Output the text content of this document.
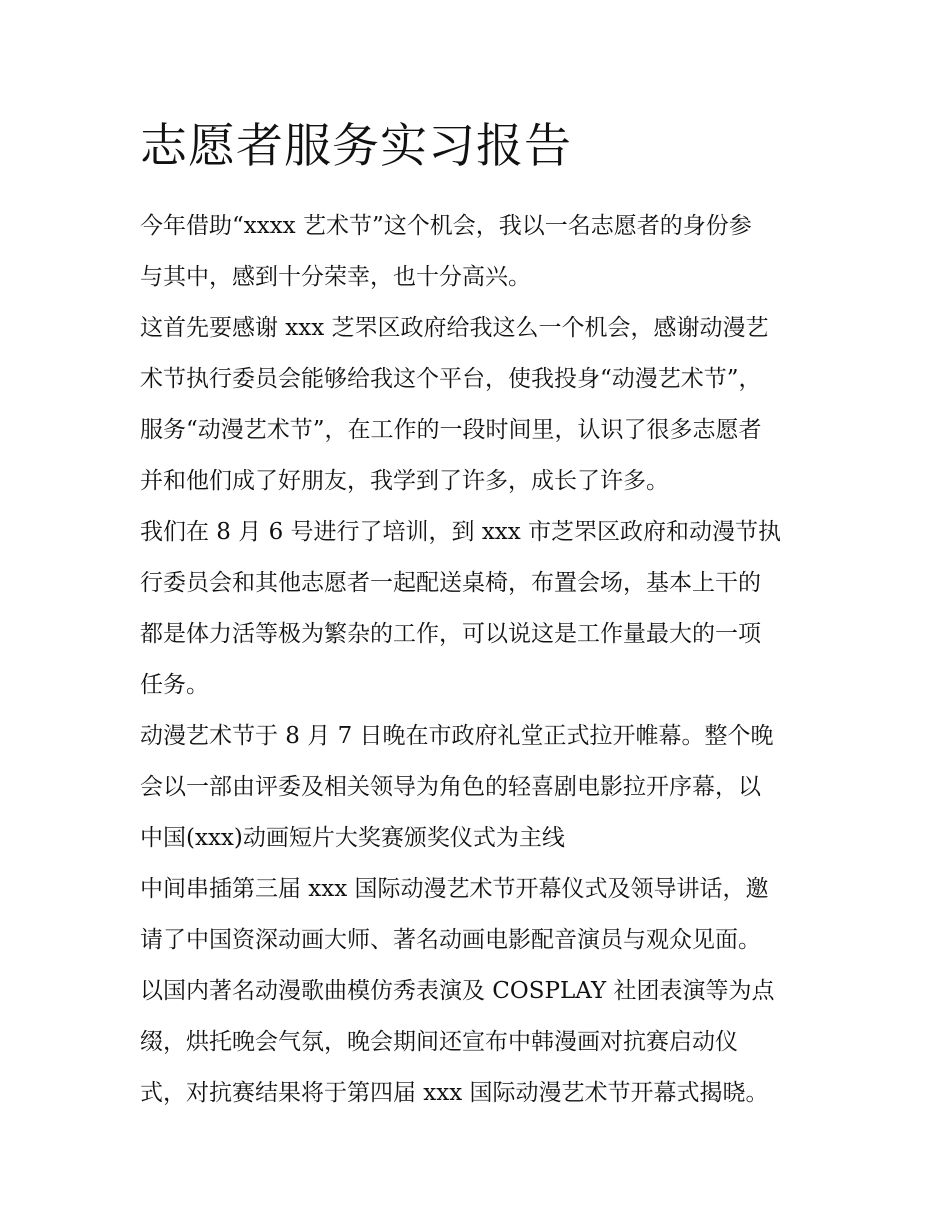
志愿者服务实习报告
今年借助“xxxx 艺术节”这个机会，我以一名志愿者的身份参
与其中，感到十分荣幸，也十分高兴。
这首先要感谢 xxx 芝罘区政府给我这么一个机会，感谢动漫艺
术节执行委员会能够给我这个平台，使我投身“动漫艺术节”，
服务“动漫艺术节”，在工作的一段时间里，认识了很多志愿者
并和他们成了好朋友，我学到了许多，成长了许多。
我们在 8 月 6 号进行了培训，到 xxx 市芝罘区政府和动漫节执
行委员会和其他志愿者一起配送桌椅，布置会场，基本上干的
都是体力活等极为繁杂的工作，可以说这是工作量最大的一项
任务。
动漫艺术节于 8 月 7 日晚在市政府礼堂正式拉开帷幕。整个晚
会以一部由评委及相关领导为角色的轻喜剧电影拉开序幕，以
中国(xxx)动画短片大奖赛颁奖仪式为主线
中间串插第三届 xxx 国际动漫艺术节开幕仪式及领导讲话，邀
请了中国资深动画大师、著名动画电影配音演员与观众见面。
以国内著名动漫歌曲模仿秀表演及 COSPLAY 社团表演等为点
缀，烘托晚会气氛，晚会期间还宣布中韩漫画对抗赛启动仪
式，对抗赛结果将于第四届 xxx 国际动漫艺术节开幕式揭晓。
